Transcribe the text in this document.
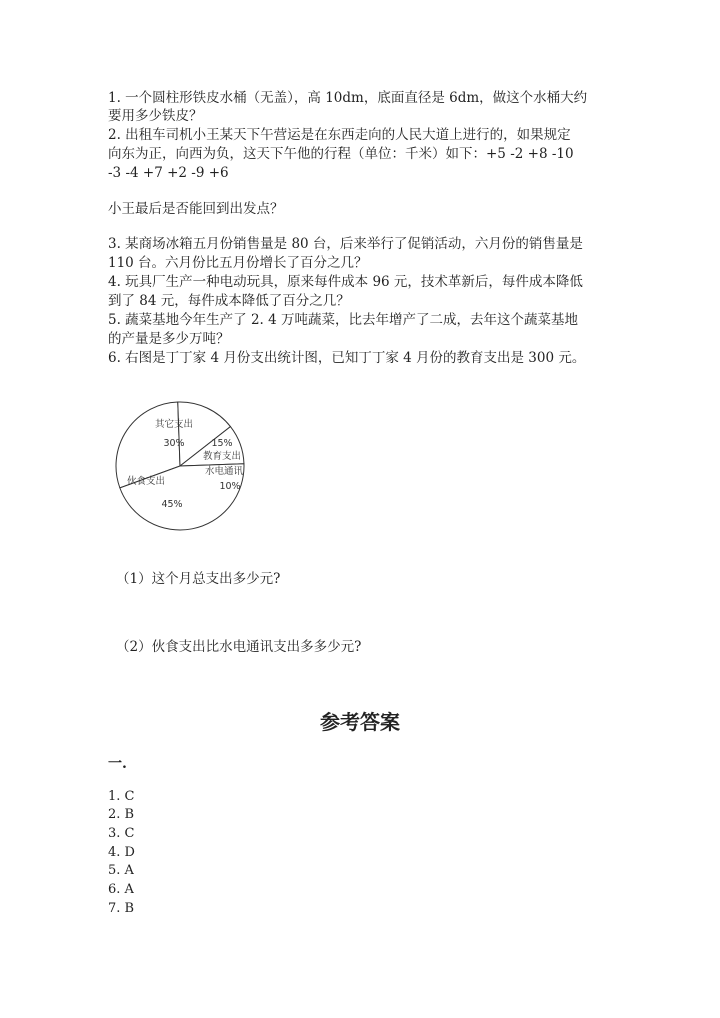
1. 一个圆柱形铁皮水桶（无盖），高 10dm，底面直径是 6dm，做这个水桶大约
要用多少铁皮？
2. 出租车司机小王某天下午营运是在东西走向的人民大道上进行的，如果规定
向东为正，向西为负，这天下午他的行程（单位：千米）如下：+5 -2 +8 -10
-3 -4 +7 +2 -9 +6
小王最后是否能回到出发点？
3. 某商场冰箱五月份销售量是 80 台，后来举行了促销活动，六月份的销售量是
110 台。六月份比五月份增长了百分之几？
4. 玩具厂生产一种电动玩具，原来每件成本 96 元，技术革新后，每件成本降低
到了 84 元，每件成本降低了百分之几？
5. 蔬菜基地今年生产了 2. 4 万吨蔬菜，比去年增产了二成，去年这个蔬菜基地
的产量是多少万吨？
6. 右图是丁丁家 4 月份支出统计图，已知丁丁家 4 月份的教育支出是 300 元。
其它支出
30%	15%
教育支出
水电通讯
10%
伙食支出
45%
（1）这个月总支出多少元?
（2）伙食支出比水电通讯支出多多少元?
参考答案
一.
1. C
2. B
3. C
4. D
5. A
6. A
7. B
